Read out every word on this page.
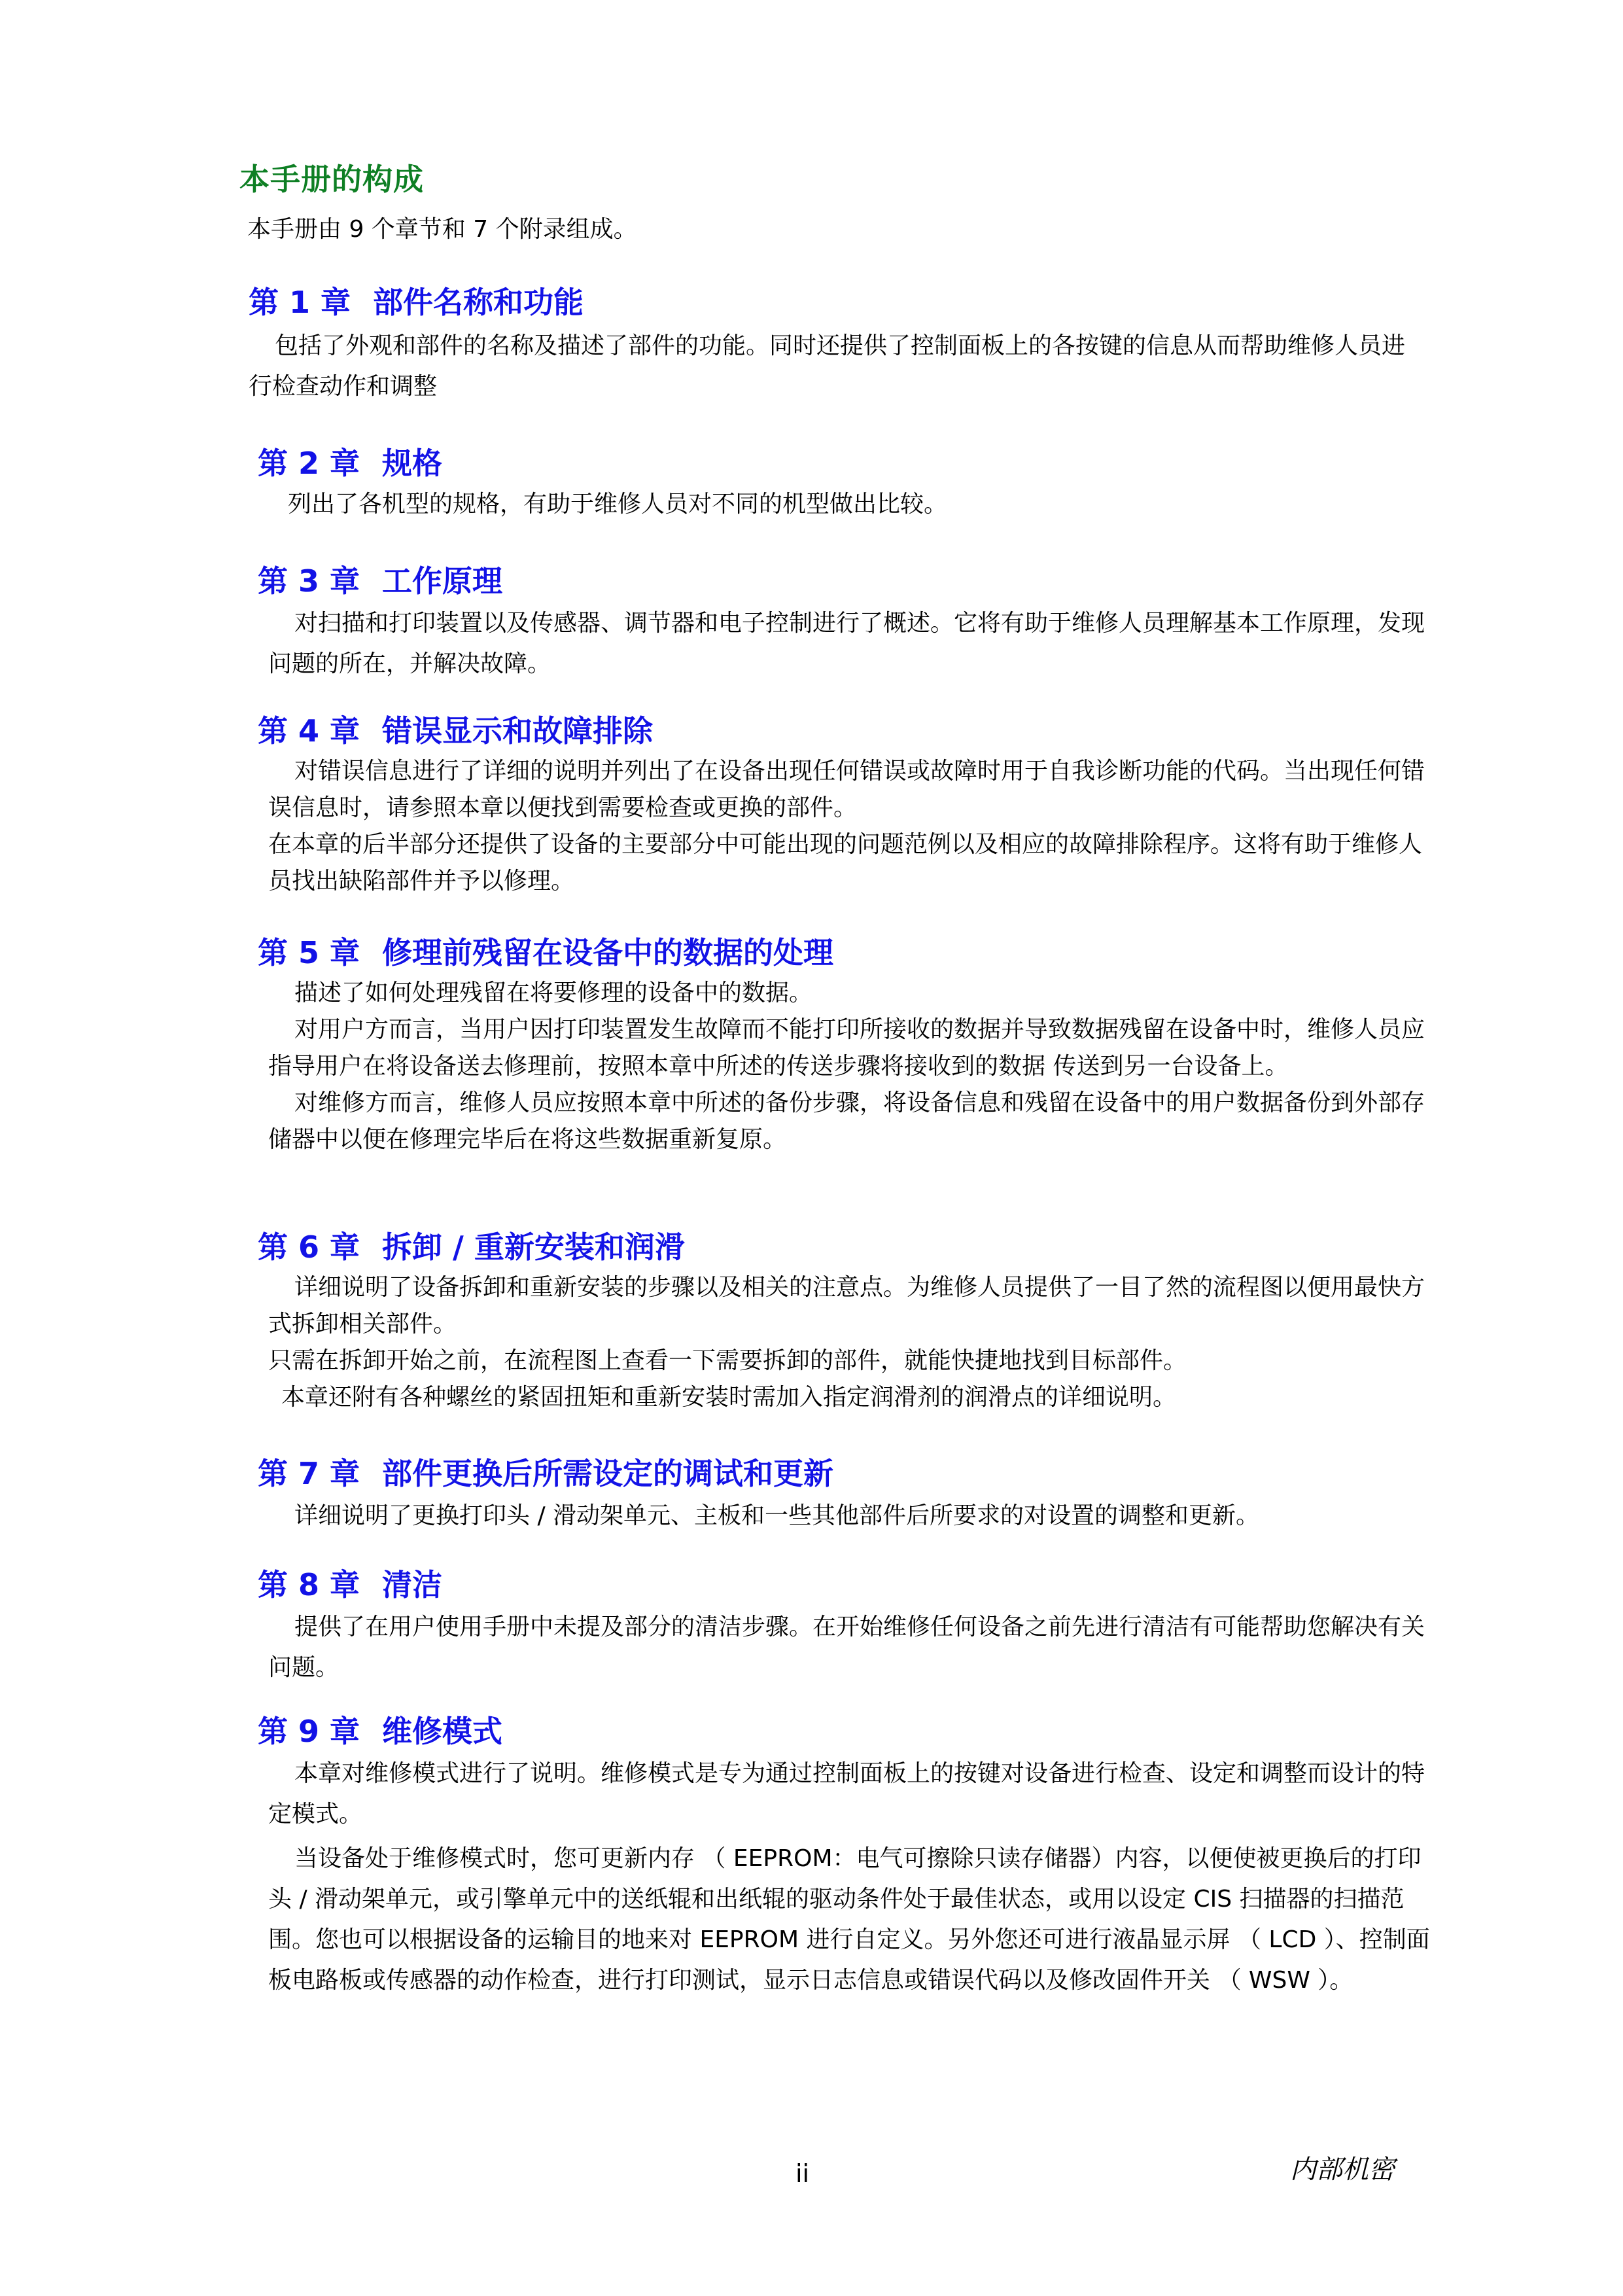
本手册的构成

本手册由 9 个章节和 7 个附录组成。

第 1 章 部件名称和功能

包括了外观和部件的名称及描述了部件的功能。同时还提供了控制面板上的各按键的信息从而帮助维修人员进行检查动作和调整

第 2 章 规格

列出了各机型的规格，有助于维修人员对不同的机型做出比较。

第 3 章 工作原理

对扫描和打印装置以及传感器、调节器和电子控制进行了概述。它将有助于维修人员理解基本工作原理，发现问题的所在，并解决故障。

第 4 章 错误显示和故障排除

对错误信息进行了详细的说明并列出了在设备出现任何错误或故障时用于自我诊断功能的代码。当出现任何错误信息时，请参照本章以便找到需要检查或更换的部件。

在本章的后半部分还提供了设备的主要部分中可能出现的问题范例以及相应的故障排除程序。这将有助于维修人员找出缺陷部件并予以修理。

第 5 章 修理前残留在设备中的数据的处理

描述了如何处理残留在将要修理的设备中的数据。

对用户方而言，当用户因打印装置发生故障而不能打印所接收的数据并导致数据残留在设备中时，维修人员应指导用户在将设备送去修理前，按照本章中所述的传送步骤将接收到的数据 传送到另一台设备上。

对维修方而言，维修人员应按照本章中所述的备份步骤，将设备信息和残留在设备中的用户数据备份到外部存储器中以便在修理完毕后在将这些数据重新复原。

第 6 章 拆卸 / 重新安装和润滑

详细说明了设备拆卸和重新安装的步骤以及相关的注意点。为维修人员提供了一目了然的流程图以便用最快方式拆卸相关部件。

只需在拆卸开始之前，在流程图上查看一下需要拆卸的部件，就能快捷地找到目标部件。

本章还附有各种螺丝的紧固扭矩和重新安装时需加入指定润滑剂的润滑点的详细说明。

第 7 章 部件更换后所需设定的调试和更新

详细说明了更换打印头 / 滑动架单元、主板和一些其他部件后所要求的对设置的调整和更新。

第 8 章 清洁

提供了在用户使用手册中未提及部分的清洁步骤。在开始维修任何设备之前先进行清洁有可能帮助您解决有关问题。

第 9 章 维修模式

本章对维修模式进行了说明。维修模式是专为通过控制面板上的按键对设备进行检查、设定和调整而设计的特定模式。

当设备处于维修模式时，您可更新内存 （ EEPROM：电气可擦除只读存储器）内容，以便使被更换后的打印头 / 滑动架单元，或引擎单元中的送纸辊和出纸辊的驱动条件处于最佳状态，或用以设定 CIS 扫描器的扫描范围。您也可以根据设备的运输目的地来对 EEPROM 进行自定义。另外您还可进行液晶显示屏 （ LCD ）、控制面板电路板或传感器的动作检查，进行打印测试，显示日志信息或错误代码以及修改固件开关 （ WSW ）。

ii	内部机密
